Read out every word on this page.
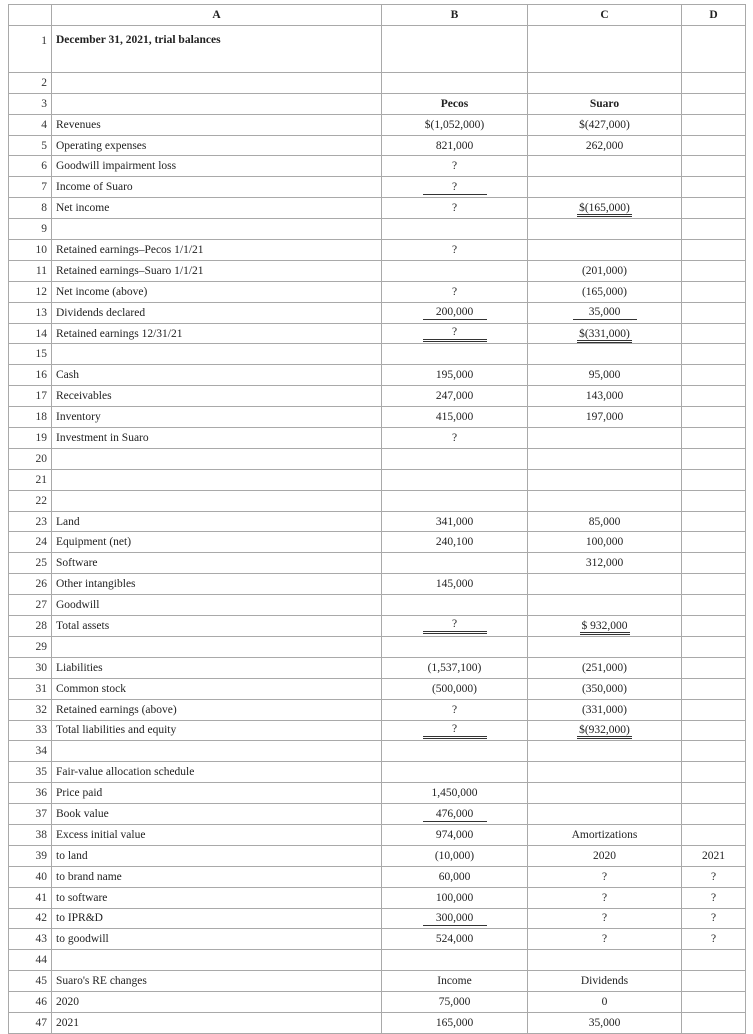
	A	B	C	D
1	December 31, 2021, trial balances			

2				
3		Pecos	Suaro	
4	Revenues	$(1,052,000)	$(427,000)	
5	Operating expenses	821,000	262,000	
6	Goodwill impairment loss	?		
7	Income of Suaro	?		
8	Net income	?	$(165,000)	
9				
10	Retained earnings–Pecos 1/1/21	?		
11	Retained earnings–Suaro 1/1/21		(201,000)	
12	Net income (above)	?	(165,000)	
13	Dividends declared	200,000	35,000	
14	Retained earnings 12/31/21	?	$(331,000)	
15				
16	Cash	195,000	95,000	
17	Receivables	247,000	143,000	
18	Inventory	415,000	197,000	
19	Investment in Suaro	?		
20				
21				
22				
23	Land	341,000	85,000	
24	Equipment (net)	240,100	100,000	
25	Software		312,000	
26	Other intangibles	145,000		
27	Goodwill			
28	Total assets	?	$ 932,000	
29				
30	Liabilities	(1,537,100)	(251,000)	
31	Common stock	(500,000)	(350,000)	
32	Retained earnings (above)	?	(331,000)	
33	Total liabilities and equity	?	$(932,000)	
34				
35	Fair-value allocation schedule			
36	Price paid	1,450,000		
37	Book value	476,000		
38	Excess initial value	974,000	Amortizations	
39	to land	(10,000)	2020	2021
40	to brand name	60,000	?	?
41	to software	100,000	?	?
42	to IPR&D	300,000	?	?
43	to goodwill	524,000	?	?
44				
45	Suaro's RE changes	Income	Dividends	
46	2020	75,000	0	
47	2021	165,000	35,000	
